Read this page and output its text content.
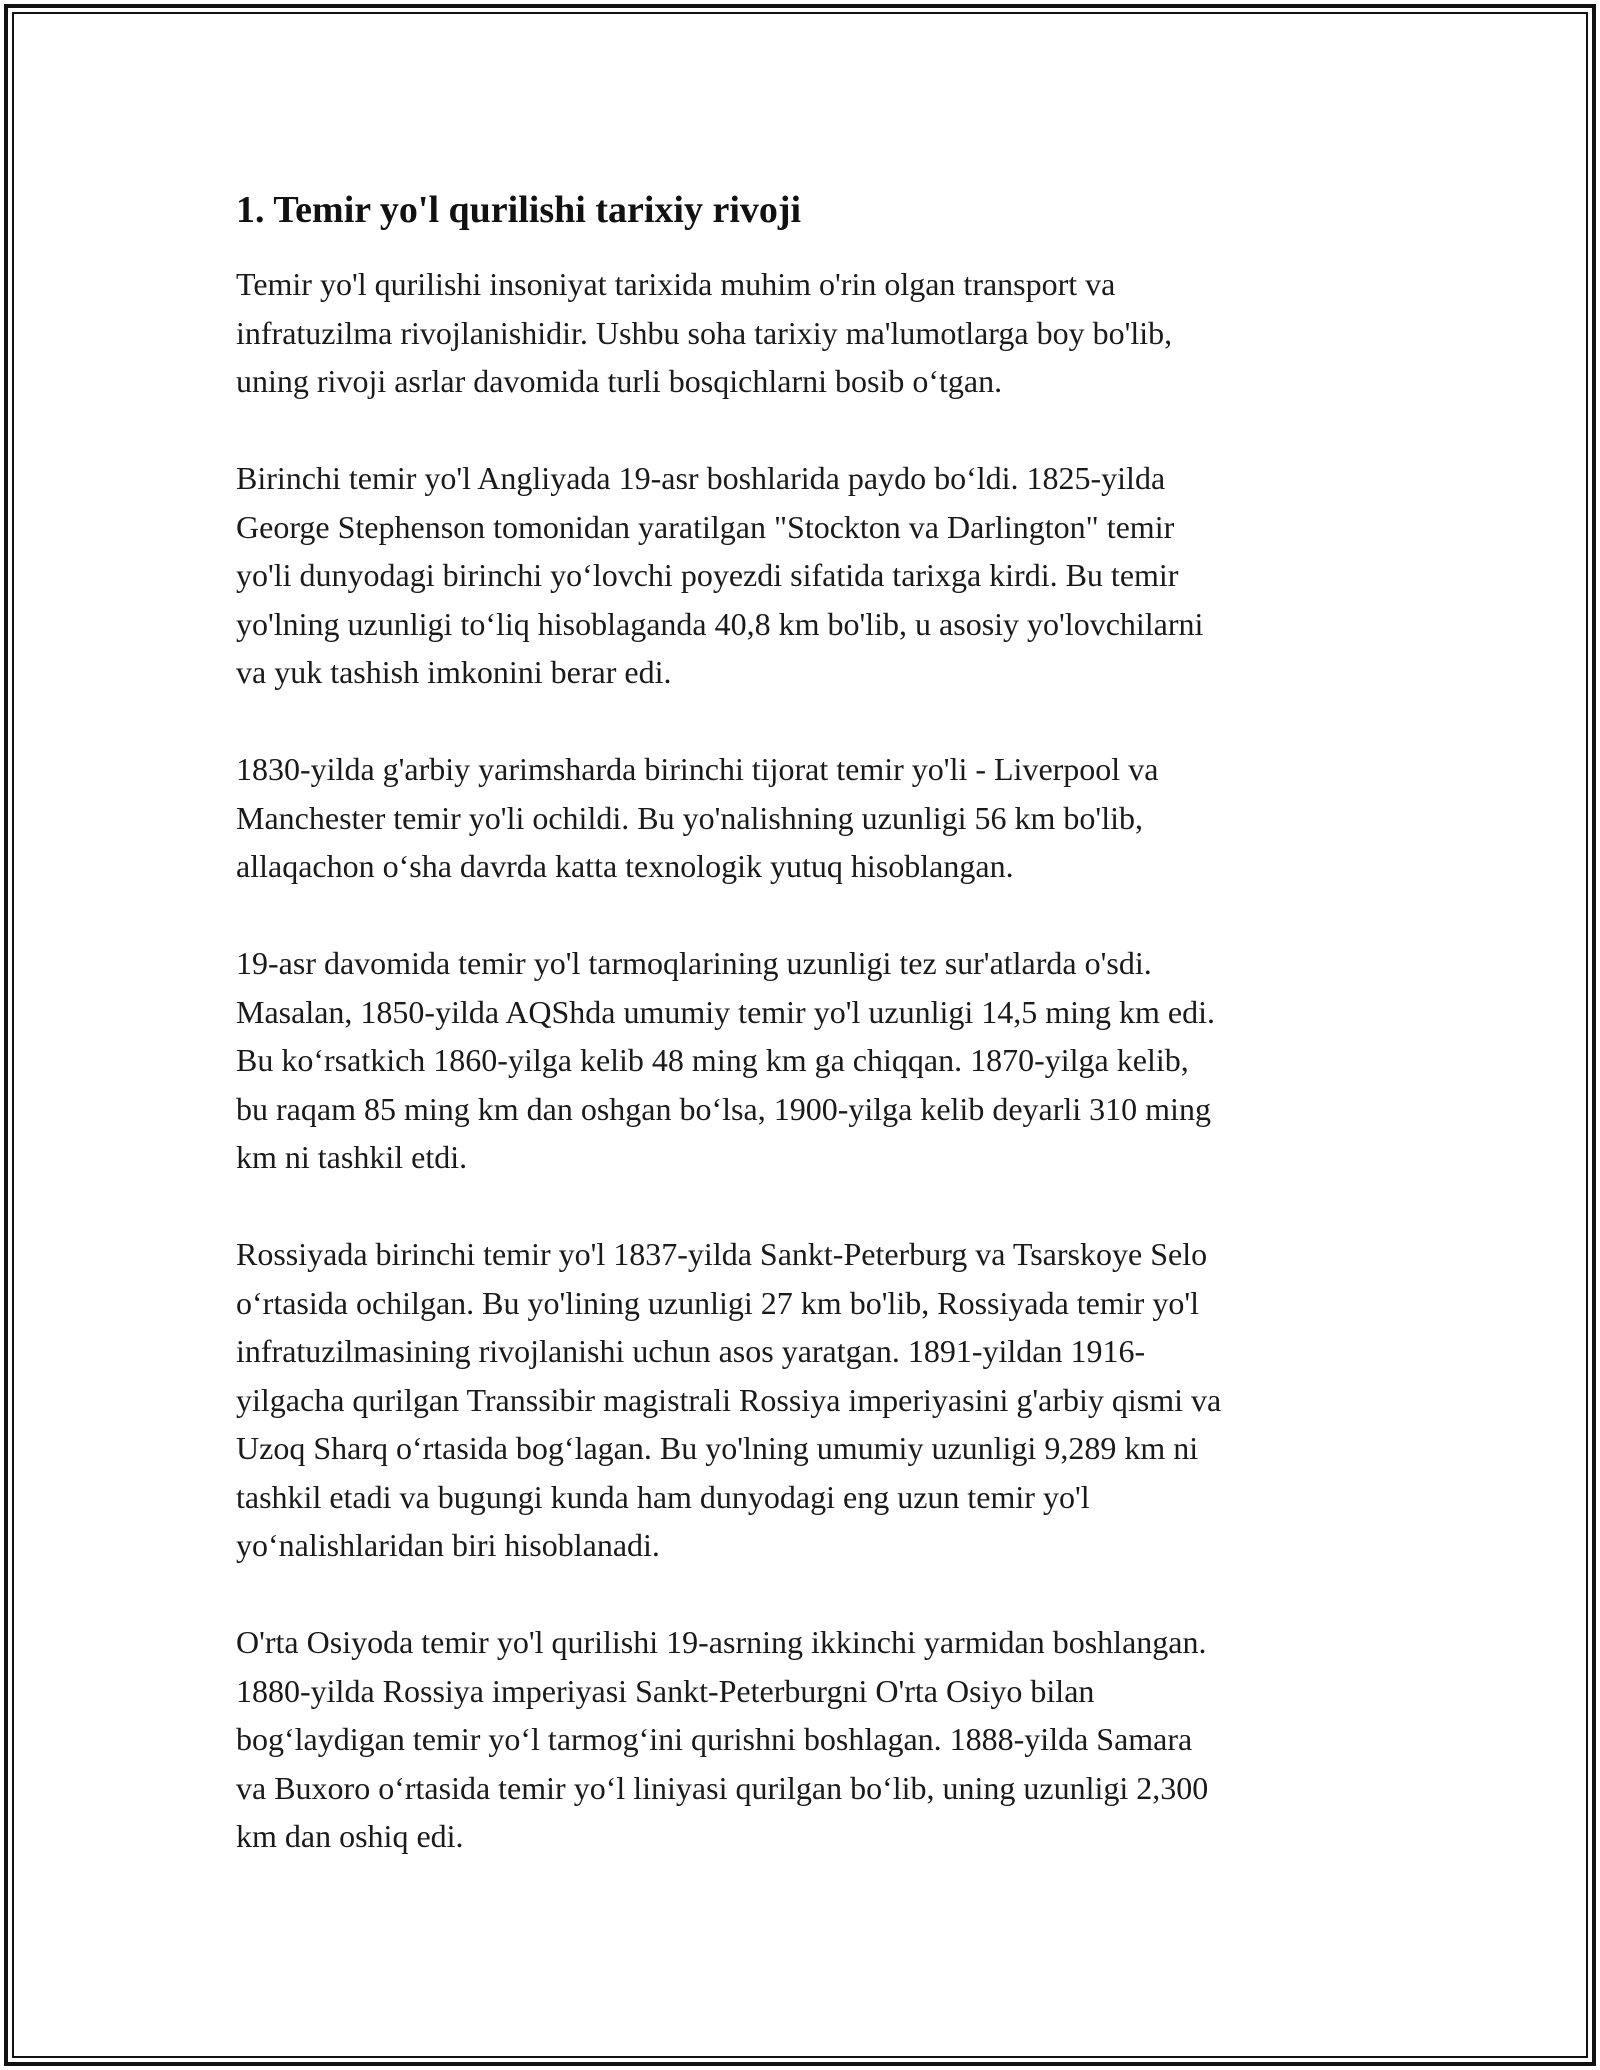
1. Temir yo'l qurilishi tarixiy rivoji

Temir yo'l qurilishi insoniyat tarixida muhim o'rin olgan transport va
infratuzilma rivojlanishidir. Ushbu soha tarixiy ma'lumotlarga boy bo'lib,
uning rivoji asrlar davomida turli bosqichlarni bosib o‘tgan.

Birinchi temir yo'l Angliyada 19-asr boshlarida paydo bo‘ldi. 1825-yilda
George Stephenson tomonidan yaratilgan "Stockton va Darlington" temir
yo'li dunyodagi birinchi yo‘lovchi poyezdi sifatida tarixga kirdi. Bu temir
yo'lning uzunligi to‘liq hisoblaganda 40,8 km bo'lib, u asosiy yo'lovchilarni
va yuk tashish imkonini berar edi.

1830-yilda g'arbiy yarimsharda birinchi tijorat temir yo'li - Liverpool va
Manchester temir yo'li ochildi. Bu yo'nalishning uzunligi 56 km bo'lib,
allaqachon o‘sha davrda katta texnologik yutuq hisoblangan.

19-asr davomida temir yo'l tarmoqlarining uzunligi tez sur'atlarda o'sdi.
Masalan, 1850-yilda AQShda umumiy temir yo'l uzunligi 14,5 ming km edi.
Bu ko‘rsatkich 1860-yilga kelib 48 ming km ga chiqqan. 1870-yilga kelib,
bu raqam 85 ming km dan oshgan bo‘lsa, 1900-yilga kelib deyarli 310 ming
km ni tashkil etdi.

Rossiyada birinchi temir yo'l 1837-yilda Sankt-Peterburg va Tsarskoye Selo
o‘rtasida ochilgan. Bu yo'lining uzunligi 27 km bo'lib, Rossiyada temir yo'l
infratuzilmasining rivojlanishi uchun asos yaratgan. 1891-yildan 1916-
yilgacha qurilgan Transsibir magistrali Rossiya imperiyasini g'arbiy qismi va
Uzoq Sharq o‘rtasida bog‘lagan. Bu yo'lning umumiy uzunligi 9,289 km ni
tashkil etadi va bugungi kunda ham dunyodagi eng uzun temir yo'l
yo‘nalishlaridan biri hisoblanadi.

O'rta Osiyoda temir yo'l qurilishi 19-asrning ikkinchi yarmidan boshlangan.
1880-yilda Rossiya imperiyasi Sankt-Peterburgni O'rta Osiyo bilan
bog‘laydigan temir yo‘l tarmog‘ini qurishni boshlagan. 1888-yilda Samara
va Buxoro o‘rtasida temir yo‘l liniyasi qurilgan bo‘lib, uning uzunligi 2,300
km dan oshiq edi.
